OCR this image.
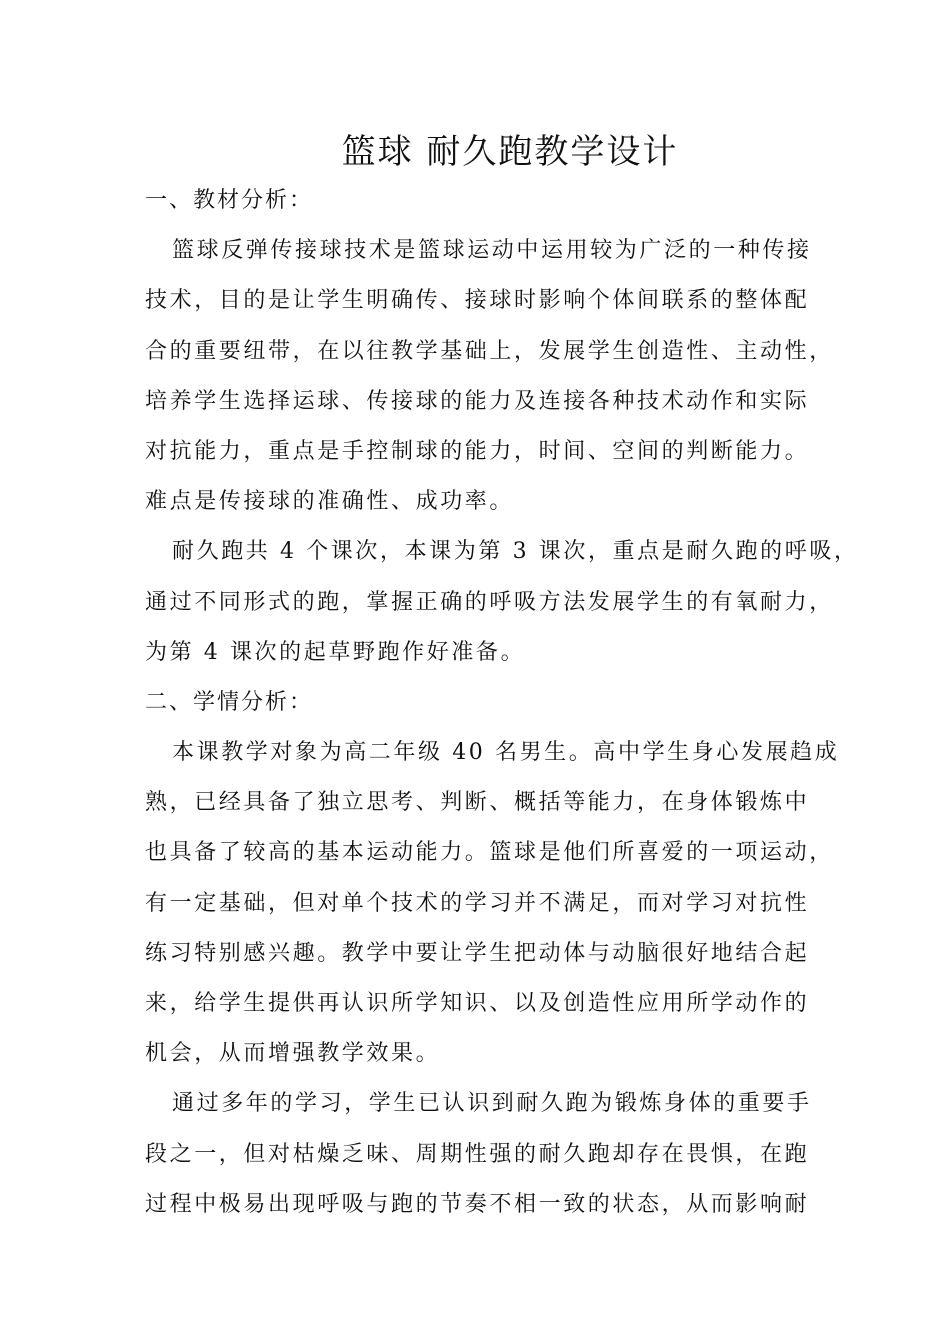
篮球 耐久跑教学设计
一、教材分析：
篮球反弹传接球技术是篮球运动中运用较为广泛的一种传接
技术，目的是让学生明确传、接球时影响个体间联系的整体配
合的重要纽带，在以往教学基础上，发展学生创造性、主动性，
培养学生选择运球、传接球的能力及连接各种技术动作和实际
对抗能力，重点是手控制球的能力，时间、空间的判断能力。
难点是传接球的准确性、成功率。
耐久跑共 4 个课次，本课为第 3 课次，重点是耐久跑的呼吸，
通过不同形式的跑，掌握正确的呼吸方法发展学生的有氧耐力，
为第 4 课次的起草野跑作好准备。
二、学情分析：
本课教学对象为高二年级 40 名男生。高中学生身心发展趋成
熟，已经具备了独立思考、判断、概括等能力，在身体锻炼中
也具备了较高的基本运动能力。篮球是他们所喜爱的一项运动，
有一定基础，但对单个技术的学习并不满足，而对学习对抗性
练习特别感兴趣。教学中要让学生把动体与动脑很好地结合起
来，给学生提供再认识所学知识、以及创造性应用所学动作的
机会，从而增强教学效果。
通过多年的学习，学生已认识到耐久跑为锻炼身体的重要手
段之一，但对枯燥乏味、周期性强的耐久跑却存在畏惧，在跑
过程中极易出现呼吸与跑的节奏不相一致的状态，从而影响耐
